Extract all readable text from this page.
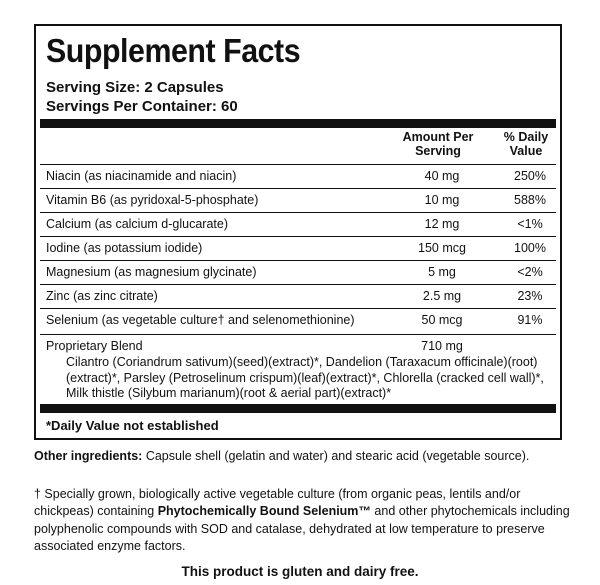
Supplement Facts
Serving Size: 2 Capsules
Servings Per Container: 60
Amount Per Serving
% Daily Value
Niacin (as niacinamide and niacin)	40 mg	250%
Vitamin B6 (as pyridoxal-5-phosphate)	10 mg	588%
Calcium (as calcium d-glucarate)	12 mg	<1%
Iodine (as potassium iodide)	150 mcg	100%
Magnesium (as magnesium glycinate)	5 mg	<2%
Zinc (as zinc citrate)	2.5 mg	23%
Selenium (as vegetable culture† and selenomethionine)	50 mcg	91%
Proprietary Blend	710 mg
Cilantro (Coriandrum sativum)(seed)(extract)*, Dandelion (Taraxacum officinale)(root) (extract)*, Parsley (Petroselinum crispum)(leaf)(extract)*, Chlorella (cracked cell wall)*, Milk thistle (Silybum marianum)(root & aerial part)(extract)*
*Daily Value not established
Other ingredients: Capsule shell (gelatin and water) and stearic acid (vegetable source).
† Specially grown, biologically active vegetable culture (from organic peas, lentils and/or chickpeas) containing Phytochemically Bound Selenium™ and other phytochemicals including polyphenolic compounds with SOD and catalase, dehydrated at low temperature to preserve associated enzyme factors.
This product is gluten and dairy free.
